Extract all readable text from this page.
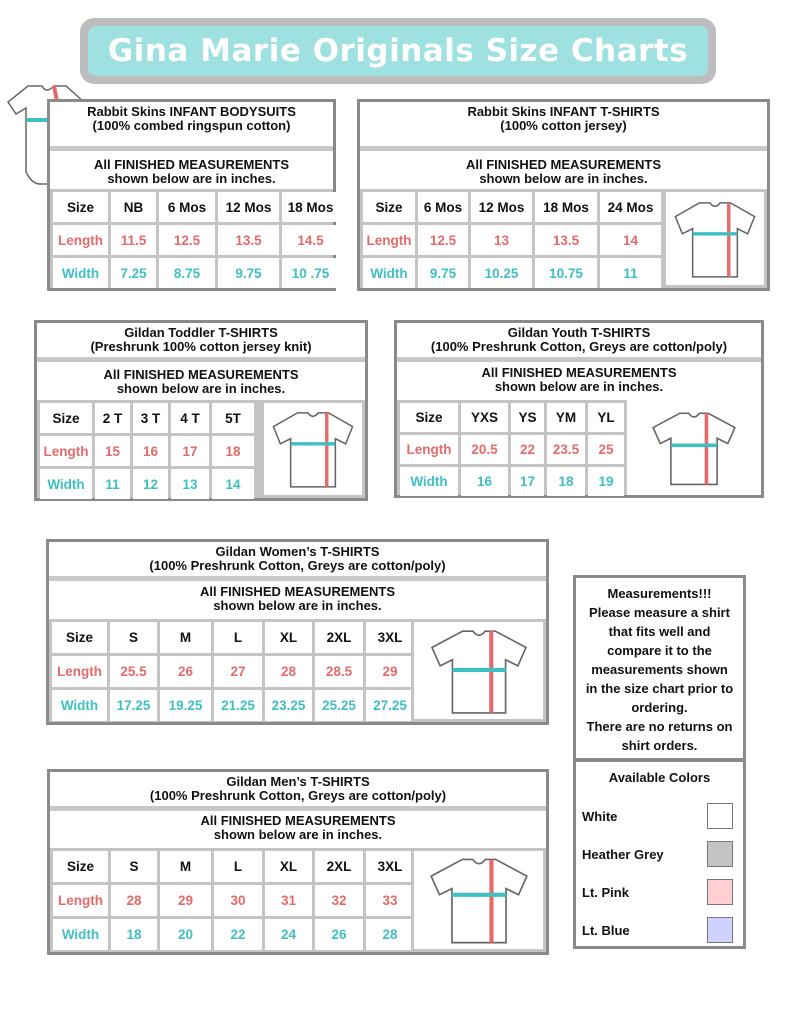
Gina Marie Originals Size Charts
Rabbit Skins INFANT BODYSUITS
(100% combed ringspun cotton)
All FINISHED MEASUREMENTS
shown below are in inches.
Size	NB	6 Mos	12 Mos	18 Mos
Length	11.5	12.5	13.5	14.5
Width	7.25	8.75	9.75	10 .75
Rabbit Skins INFANT T-SHIRTS
(100% cotton jersey)
All FINISHED MEASUREMENTS
shown below are in inches.
Size	6 Mos	12 Mos	18 Mos	24 Mos
Length	12.5	13	13.5	14
Width	9.75	10.25	10.75	11
Gildan Toddler T-SHIRTS
(Preshrunk 100% cotton jersey knit)
All FINISHED MEASUREMENTS
shown below are in inches.
Size	2 T	3 T	4 T	5T
Length	15	16	17	18
Width	11	12	13	14
Gildan Youth T-SHIRTS
(100% Preshrunk Cotton, Greys are cotton/poly)
All FINISHED MEASUREMENTS
shown below are in inches.
Size	YXS	YS	YM	YL
Length	20.5	22	23.5	25
Width	16	17	18	19
Gildan Women’s T-SHIRTS
(100% Preshrunk Cotton, Greys are cotton/poly)
All FINISHED MEASUREMENTS
shown below are in inches.
Size	S	M	L	XL	2XL	3XL
Length	25.5	26	27	28	28.5	29
Width	17.25	19.25	21.25	23.25	25.25	27.25
Gildan Men’s T-SHIRTS
(100% Preshrunk Cotton, Greys are cotton/poly)
All FINISHED MEASUREMENTS
shown below are in inches.
Size	S	M	L	XL	2XL	3XL
Length	28	29	30	31	32	33
Width	18	20	22	24	26	28

Measurements!!!

Please measure a shirt

that fits well and

compare it to the

measurements shown

in the size chart prior to

ordering.

There are no returns on

shirt orders.

Available Colors
White
Heather Grey
Lt. Pink
Lt. Blue
